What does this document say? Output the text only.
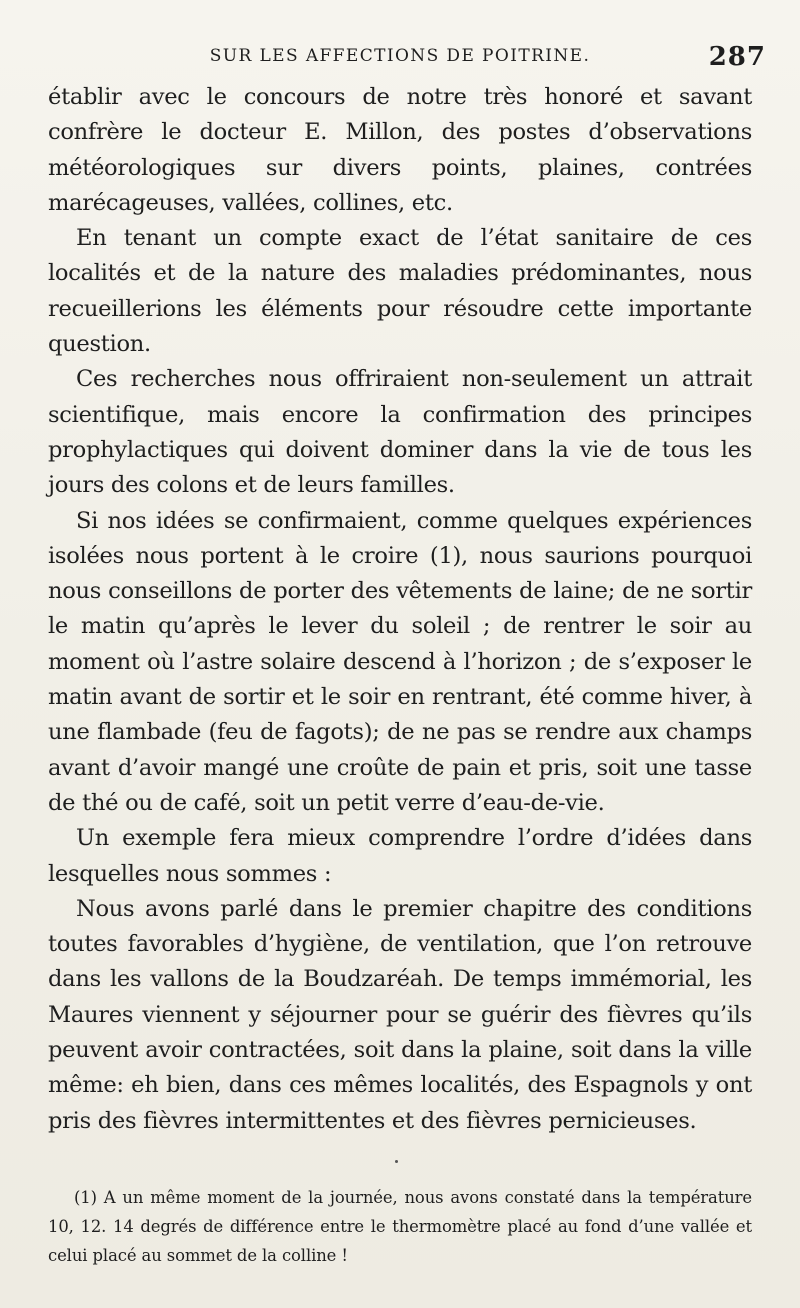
SUR LES AFFECTIONS DE POITRINE.	287

établir avec le concours de notre très honoré et savant confrère le docteur E. Millon, des postes d’observations météorologiques sur divers points, plaines, contrées marécageuses, vallées, collines, etc.

En tenant un compte exact de l’état sanitaire de ces localités et de la nature des maladies prédominantes, nous recueillerions les éléments pour résoudre cette importante question.

Ces recherches nous offriraient non-seulement un attrait scientifique, mais encore la confirmation des principes prophylactiques qui doivent dominer dans la vie de tous les jours des colons et de leurs familles.

Si nos idées se confirmaient, comme quelques expériences isolées nous portent à le croire (1), nous saurions pourquoi nous conseillons de porter des vêtements de laine; de ne sortir le matin qu’après le lever du soleil ; de rentrer le soir au moment où l’astre solaire descend à l’horizon ; de s’exposer le matin avant de sortir et le soir en rentrant, été comme hiver, à une flambade (feu de fagots); de ne pas se rendre aux champs avant d’avoir mangé une croûte de pain et pris, soit une tasse de thé ou de café, soit un petit verre d’eau-de-vie.

Un exemple fera mieux comprendre l’ordre d’idées dans lesquelles nous sommes :

Nous avons parlé dans le premier chapitre des conditions toutes favorables d’hygiène, de ventilation, que l’on retrouve dans les vallons de la Boudzaréah. De temps immémorial, les Maures viennent y séjourner pour se guérir des fièvres qu’ils peuvent avoir contractées, soit dans la plaine, soit dans la ville même: eh bien, dans ces mêmes localités, des Espagnols y ont pris des fièvres intermittentes et des fièvres pernicieuses.

(1) A un même moment de la journée, nous avons constaté dans la température 10, 12. 14 degrés de différence entre le thermomètre placé au fond d’une vallée et celui placé au sommet de la colline !
